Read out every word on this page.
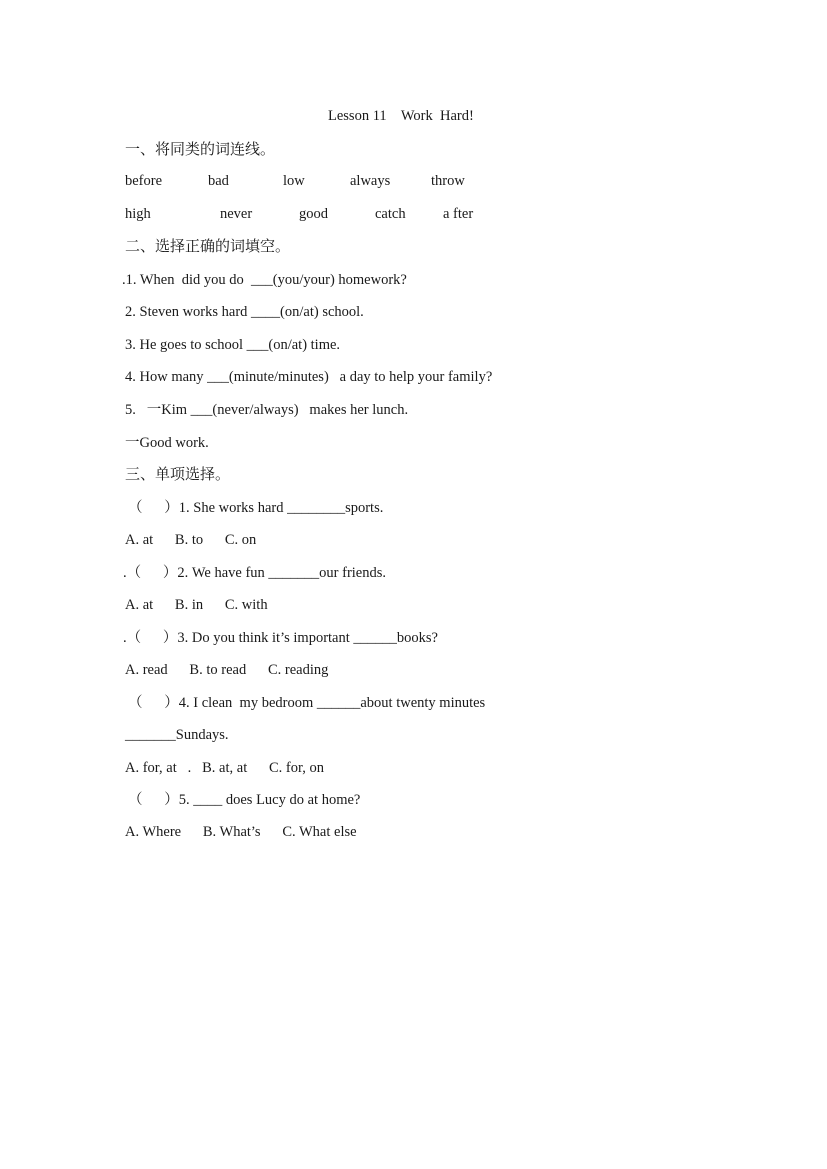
Lesson 11    Work  Hard!
一、将同类的词连线。
before	bad	low	always	throw
high	never	good	catch	a fter
二、选择正确的词填空。
.1. When  did you do  ___(you/your) homework?
2. Steven works hard ____(on/at) school.
3. He goes to school ___(on/at) time.
4. How many ___(minute/minutes)   a day to help your family?
5.   一Kim ___(never/always)   makes her lunch.
一Good work.
三、单项选择。
（      ）1. She works hard ________sports.
A. at      B. to      C. on
.（      ）2. We have fun _______our friends.
A. at      B. in      C. with
.（      ）3. Do you think it’s important ______books?
A. read      B. to read      C. reading
（      ）4. I clean  my bedroom ______about twenty minutes
_______Sundays.
A. for, at   .   B. at, at      C. for, on
（      ）5. ____ does Lucy do at home?
A. Where      B. What’s      C. What else
